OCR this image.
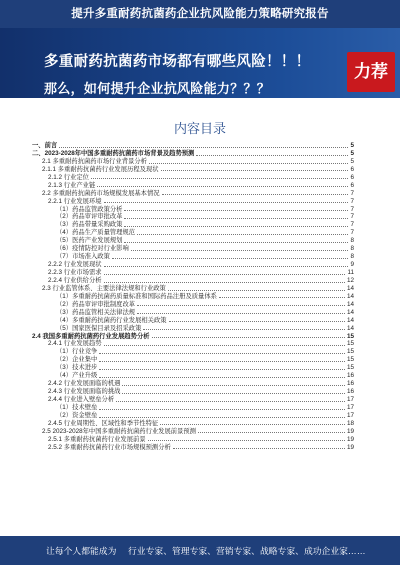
提升多重耐药抗菌药企业抗风险能力策略研究报告
多重耐药抗菌药市场都有哪些风险！！！
那么，如何提升企业抗风险能力？？？
力荐
内容目录
一、前言	5
二、2023-2028年中国多重耐药抗菌药市场背景及趋势预测	5
2.1 多重耐药抗菌药市场行业背景分析	5
2.1.1 多重耐药抗菌药行业发展历程及现状	6
2.1.2 行业定位	6
2.1.3 行业产业链	6
2.2 多重耐药抗菌药市场规模发展基本情况	7
2.2.1 行业发展环境	7
（1）药品监管政策分析	7
（2）药品审评审批改革	7
（3）药品带量采购政策	7
（4）药品生产质量管理规范	7
（5）医药产业发展规划	8
（6）疫情防控对行业影响	8
（7）市场准入政策	8
2.2.2 行业发展现状	9
2.2.3 行业市场需求	11
2.2.4 行业供给分析	12
2.3 行业监管体系、主要法律法规和行业政策	14
（1）多重耐药抗菌药质量标准和国际药品注册及质量体系	14
（2）药品审评审批制度改革	14
（3）药品监管相关法律法规	14
（4）多重耐药抗菌药行业发展相关政策	14
（5）国家医保目录及招采政策	14
2.4 我国多重耐药抗菌药行业发展趋势分析	15
2.4.1 行业发展趋势	15
（1）行业竞争	15
（2）企业集中	15
（3）技术进步	15
（4）产业升级	16
2.4.2 行业发展面临的机遇	16
2.4.3 行业发展面临的挑战	16
2.4.4 行业进入壁垒分析	17
（1）技术壁垒	17
（2）资金壁垒	17
2.4.5 行业周期性、区域性和季节性特征	18
2.5 2023-2028年中国多重耐药抗菌药行业发展前景预测	19
2.5.1 多重耐药抗菌药行业发展前景	19
2.5.2 多重耐药抗菌药行业市场规模预测分析	19
让每个人都能成为 行业专家、管理专家、营销专家、战略专家、成功企业家……
